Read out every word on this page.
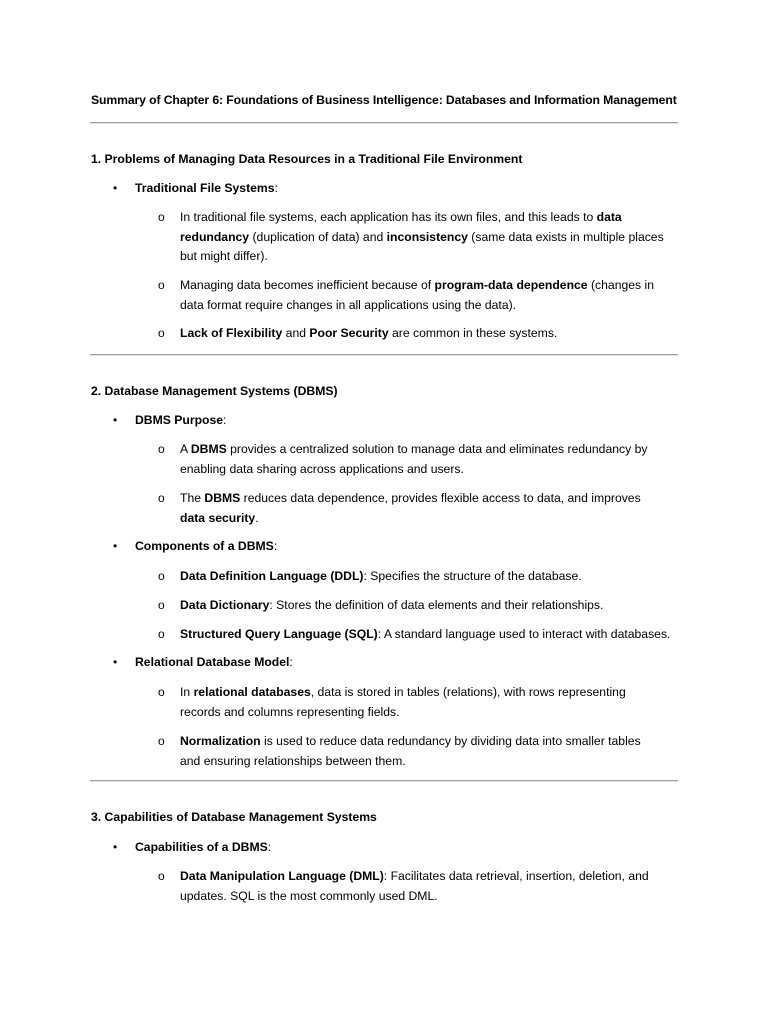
Summary of Chapter 6: Foundations of Business Intelligence: Databases and Information Management
1. Problems of Managing Data Resources in a Traditional File Environment
• Traditional File Systems:
o In traditional file systems, each application has its own files, and this leads to data
redundancy (duplication of data) and inconsistency (same data exists in multiple places
but might differ).
o Managing data becomes inefficient because of program-data dependence (changes in
data format require changes in all applications using the data).
o Lack of Flexibility and Poor Security are common in these systems.
2. Database Management Systems (DBMS)
• DBMS Purpose:
o A DBMS provides a centralized solution to manage data and eliminates redundancy by
enabling data sharing across applications and users.
o The DBMS reduces data dependence, provides flexible access to data, and improves
data security.
• Components of a DBMS:
o Data Definition Language (DDL): Specifies the structure of the database.
o Data Dictionary: Stores the definition of data elements and their relationships.
o Structured Query Language (SQL): A standard language used to interact with databases.
• Relational Database Model:
o In relational databases, data is stored in tables (relations), with rows representing
records and columns representing fields.
o Normalization is used to reduce data redundancy by dividing data into smaller tables
and ensuring relationships between them.
3. Capabilities of Database Management Systems
• Capabilities of a DBMS:
o Data Manipulation Language (DML): Facilitates data retrieval, insertion, deletion, and
updates. SQL is the most commonly used DML.
